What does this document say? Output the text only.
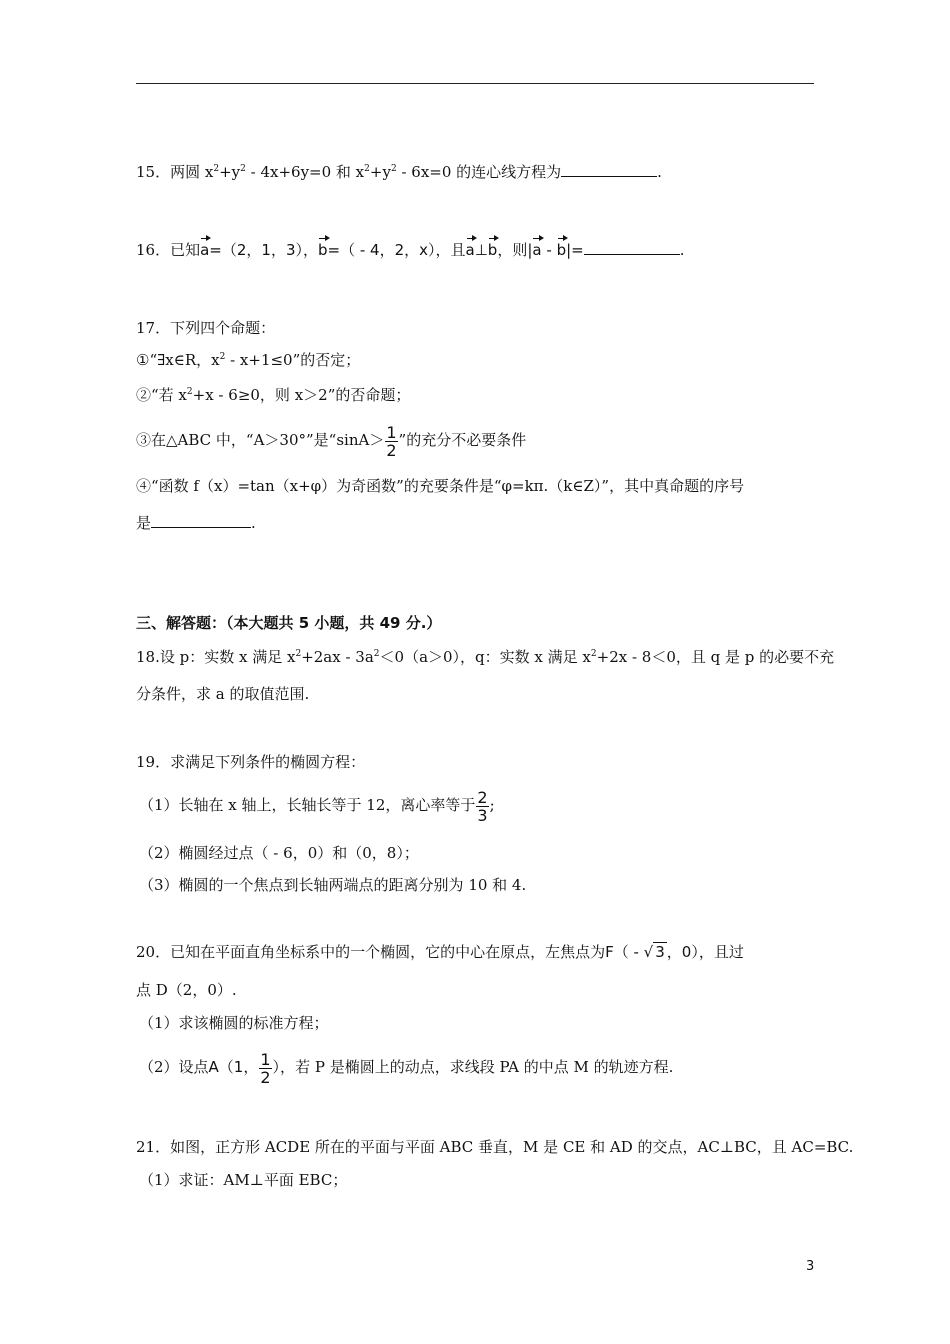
15．两圆 $x^2+y^2 - 4x+6y=0$ 和 $x^2+y^2 - 6x=0$ 的连心线方程为	.
16．已知a=（2，1，3），b=（ - 4，2，x），且a⊥b，则|a - b|=	.
17．下列四个命题：
①“∃x∈R，$x^2 - x+1\le 0$”的否定；
②“若 $x^2+x - 6\ge 0$，则 x＞2”的否命题；
③在△ABC 中，“A＞30°”是“$\sin A> \frac{1}{2}$ ”的充分不必要条件
④“函数 f（x）=tan（x+φ）为奇函数”的充要条件是“φ=kπ.（k∈Z）”，其中真命题的序号
是	.
三、解答题：（本大题共 5 小题，共 49 分.）
18.设 p：实数 x 满足 $x^2+2ax - 3a^2<0(a>0)$，q：实数 x 满足 $x^2+2x - 8<0$，且 q 是 p 的必要不充
分条件，求 a 的取值范围.
19．求满足下列条件的椭圆方程：
（1）长轴在 x 轴上，长轴长等于 12，离心率等于 $\frac{2}{3}$ ;
（2）椭圆经过点（ - 6，0）和（0，8）；
（3）椭圆的一个焦点到长轴两端点的距离分别为 10 和 4.
20．已知在平面直角坐标系中的一个椭圆，它的中心在原点，左焦点为F（ - √ 3 ，0），且过
点 D（2，0）.
（1）求该椭圆的标准方程；
（2）设点A（1， $\frac{1}{2}$ ），若 P 是椭圆上的动点，求线段 PA 的中点 M 的轨迹方程.
21．如图，正方形 ACDE 所在的平面与平面 ABC 垂直，M 是 CE 和 AD 的交点，AC⊥BC，且 AC=BC.
（1）求证：AM⊥平面 EBC；
3
